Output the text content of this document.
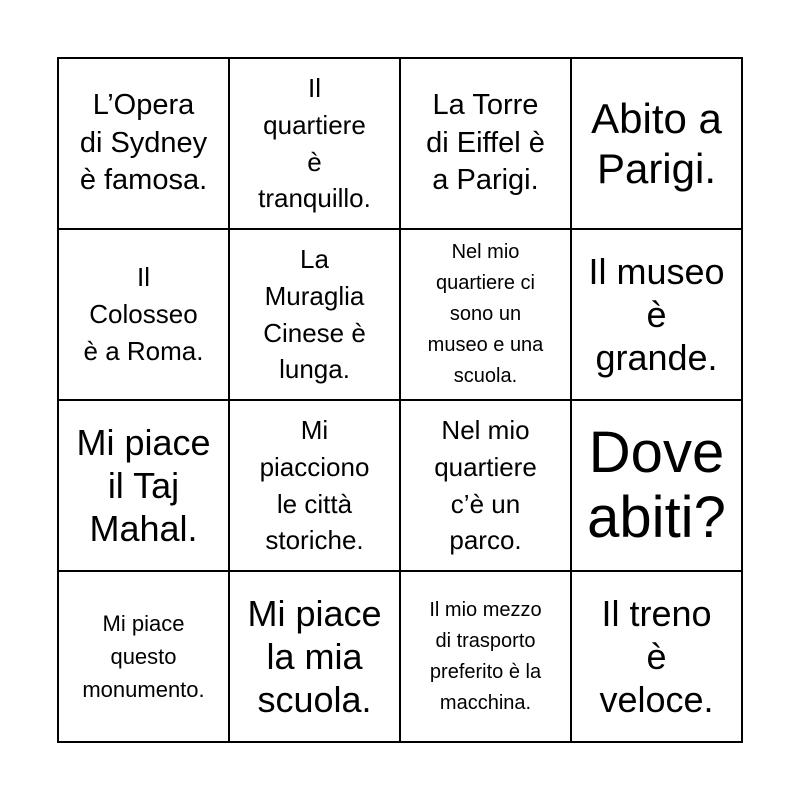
L’Opera
di Sydney
è famosa.
Il
quartiere
è
tranquillo.
La Torre
di Eiffel è
a Parigi.
Abito a
Parigi.
Il
Colosseo
è a Roma.
La
Muraglia
Cinese è
lunga.
Nel mio
quartiere ci
sono un
museo e una
scuola.
Il museo
è
grande.
Mi piace
il Taj
Mahal.
Mi
piacciono
le città
storiche.
Nel mio
quartiere
c’è un
parco.
Dove
abiti?
Mi piace
questo
monumento.
Mi piace
la mia
scuola.
Il mio mezzo
di trasporto
preferito è la
macchina.
Il treno
è
veloce.
